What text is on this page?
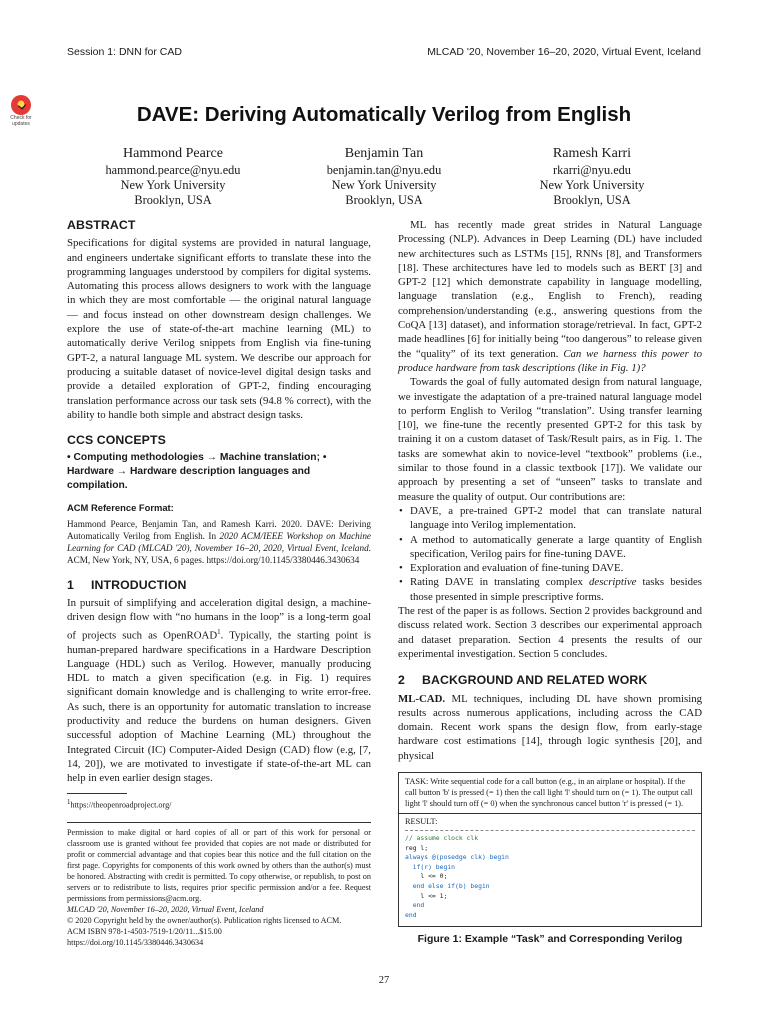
Session 1: DNN for CAD	MLCAD '20, November 16–20, 2020, Virtual Event, Iceland
Check for
updates	DAVE: Deriving Automatically Verilog from English
Hammond Pearce
hammond.pearce@nyu.edu
New York University
Brooklyn, USA
Benjamin Tan
benjamin.tan@nyu.edu
New York University
Brooklyn, USA
Ramesh Karri
rkarri@nyu.edu
New York University
Brooklyn, USA
ABSTRACT

Specifications for digital systems are provided in natural language, and engineers undertake significant efforts to translate these into the programming languages understood by compilers for digital systems. Automating this process allows designers to work with the language in which they are most comfortable — the original natural language — and focus instead on other downstream design challenges. We explore the use of state-of-the-art machine learning (ML) to automatically derive Verilog snippets from English via fine-tuning GPT-2, a natural language ML system. We describe our approach for producing a suitable dataset of novice-level digital design tasks and provide a detailed exploration of GPT-2, finding encouraging translation performance across our task sets (94.8 % correct), with the ability to handle both simple and abstract design tasks.

CCS CONCEPTS
• Computing methodologies → Machine translation; • Hardware → Hardware description languages and compilation.
ACM Reference Format:
Hammond Pearce, Benjamin Tan, and Ramesh Karri. 2020. DAVE: Deriving Automatically Verilog from English. In 2020 ACM/IEEE Workshop on Machine Learning for CAD (MLCAD '20), November 16–20, 2020, Virtual Event, Iceland. ACM, New York, NY, USA, 6 pages. https://doi.org/10.1145/3380446.3430634
1 INTRODUCTION

In pursuit of simplifying and acceleration digital design, a machine-driven design flow with “no humans in the loop” is a long-term goal of projects such as OpenROAD$^1$. Typically, the starting point is human-prepared hardware specifications in a Hardware Description Language (HDL) such as Verilog. However, manually producing HDL to match a given specification (e.g. in Fig. 1) requires significant domain knowledge and is challenging to write error-free. As such, there is an opportunity for automatic translation to increase productivity and reduce the burdens on human designers. Given successful adoption of Machine Learning (ML) throughout the Integrated Circuit (IC) Computer-Aided Design (CAD) flow (e.g, [7, 14, 20]), we are motivated to investigate if state-of-the-art ML can help in even earlier design stages.

$^1$https://theopenroadproject.org/
Permission to make digital or hard copies of all or part of this work for personal or classroom use is granted without fee provided that copies are not made or distributed for profit or commercial advantage and that copies bear this notice and the full citation on the first page. Copyrights for components of this work owned by others than the author(s) must be honored. Abstracting with credit is permitted. To copy otherwise, or republish, to post on servers or to redistribute to lists, requires prior specific permission and/or a fee. Request permissions from permissions@acm.org.
MLCAD '20, November 16–20, 2020, Virtual Event, Iceland
© 2020 Copyright held by the owner/author(s). Publication rights licensed to ACM.
ACM ISBN 978-1-4503-7519-1/20/11...$15.00
https://doi.org/10.1145/3380446.3430634

ML has recently made great strides in Natural Language Processing (NLP). Advances in Deep Learning (DL) have included new architectures such as LSTMs [15], RNNs [8], and Transformers [18]. These architectures have led to models such as BERT [3] and GPT-2 [12] which demonstrate capability in language modelling, language translation (e.g., English to French), reading comprehension/understanding (e.g., answering questions from the CoQA [13] dataset), and information storage/retrieval. In fact, GPT-2 made headlines [6] for initially being “too dangerous” to release given the “quality” of its text generation. Can we harness this power to produce hardware from task descriptions (like in Fig. 1)?

Towards the goal of fully automated design from natural language, we investigate the adaptation of a pre-trained natural language model to perform English to Verilog “translation”. Using transfer learning [10], we fine-tune the recently presented GPT-2 for this task by training it on a custom dataset of Task/Result pairs, as in Fig. 1. The tasks are somewhat akin to novice-level “textbook” problems (i.e., similar to those found in a classic textbook [17]). We validate our approach by presenting a set of “unseen” tasks to translate and measure the quality of output. Our contributions are:

• DAVE, a pre-trained GPT-2 model that can translate natural language into Verilog implementation.
• A method to automatically generate a large quantity of English specification, Verilog pairs for fine-tuning DAVE.
• Exploration and evaluation of fine-tuning DAVE.
• Rating DAVE in translating complex descriptive tasks besides those presented in simple prescriptive forms.

The rest of the paper is as follows. Section 2 provides background and discuss related work. Section 3 describes our experimental approach and dataset preparation. Section 4 presents the results of our experimental investigation. Section 5 concludes.

2 BACKGROUND AND RELATED WORK

ML-CAD. ML techniques, including DL have shown promising results across numerous applications, including across the CAD domain. Recent work spans the design flow, from early-stage hardware cost estimations [14], through logic synthesis [20], and physical

TASK: Write sequential code for a call button (e.g., in an airplane or hospital). If the call button 'b' is pressed (= 1) then the call light 'l' should turn on (= 1). The output call light 'l' should turn off (= 0) when the synchronous cancel button 'r' is pressed (= 1).
RESULT:
// assume clock clk
reg l;
always @(posedge clk) begin
if(r) begin
l <= 0;
end else if(b) begin
l <= 1;
end
end
Figure 1: Example “Task” and Corresponding Verilog
27
